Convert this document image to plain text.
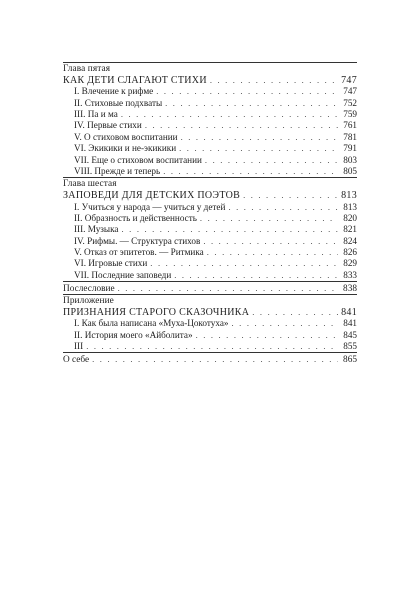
Глава пятая
КАК ДЕТИ СЛАГАЮТ СТИХИ . . .	747
I. Влечение к рифме . . .	747
II. Стиховые подхваты . . .	752
III. Па и ма . . .	759
IV. Первые стихи . . .	761
V. О стиховом воспитании . . .	781
VI. Экикики и не-экикики . . .	791
VII. Еще о стиховом воспитании . . .	803
VIII. Прежде и теперь . . .	805
Глава шестая
ЗАПОВЕДИ ДЛЯ ДЕТСКИХ ПОЭТОВ . . .	813
I. Учиться у народа — учиться у детей . . .	813
II. Образность и действенность . . .	820
III. Музыка . . .	821
IV. Рифмы. — Структура стихов . . .	824
V. Отказ от эпитетов. — Ритмика . . .	826
VI. Игровые стихи . . .	829
VII. Последние заповеди . . .	833
Послесловие . . .	838
Приложение
ПРИЗНАНИЯ СТАРОГО СКАЗОЧНИКА . . .	841
I. Как была написана «Муха-Цокотуха» . . .	841
II. История моего «Айболита» . . .	845
III . . .	855
О себе . . .	865
